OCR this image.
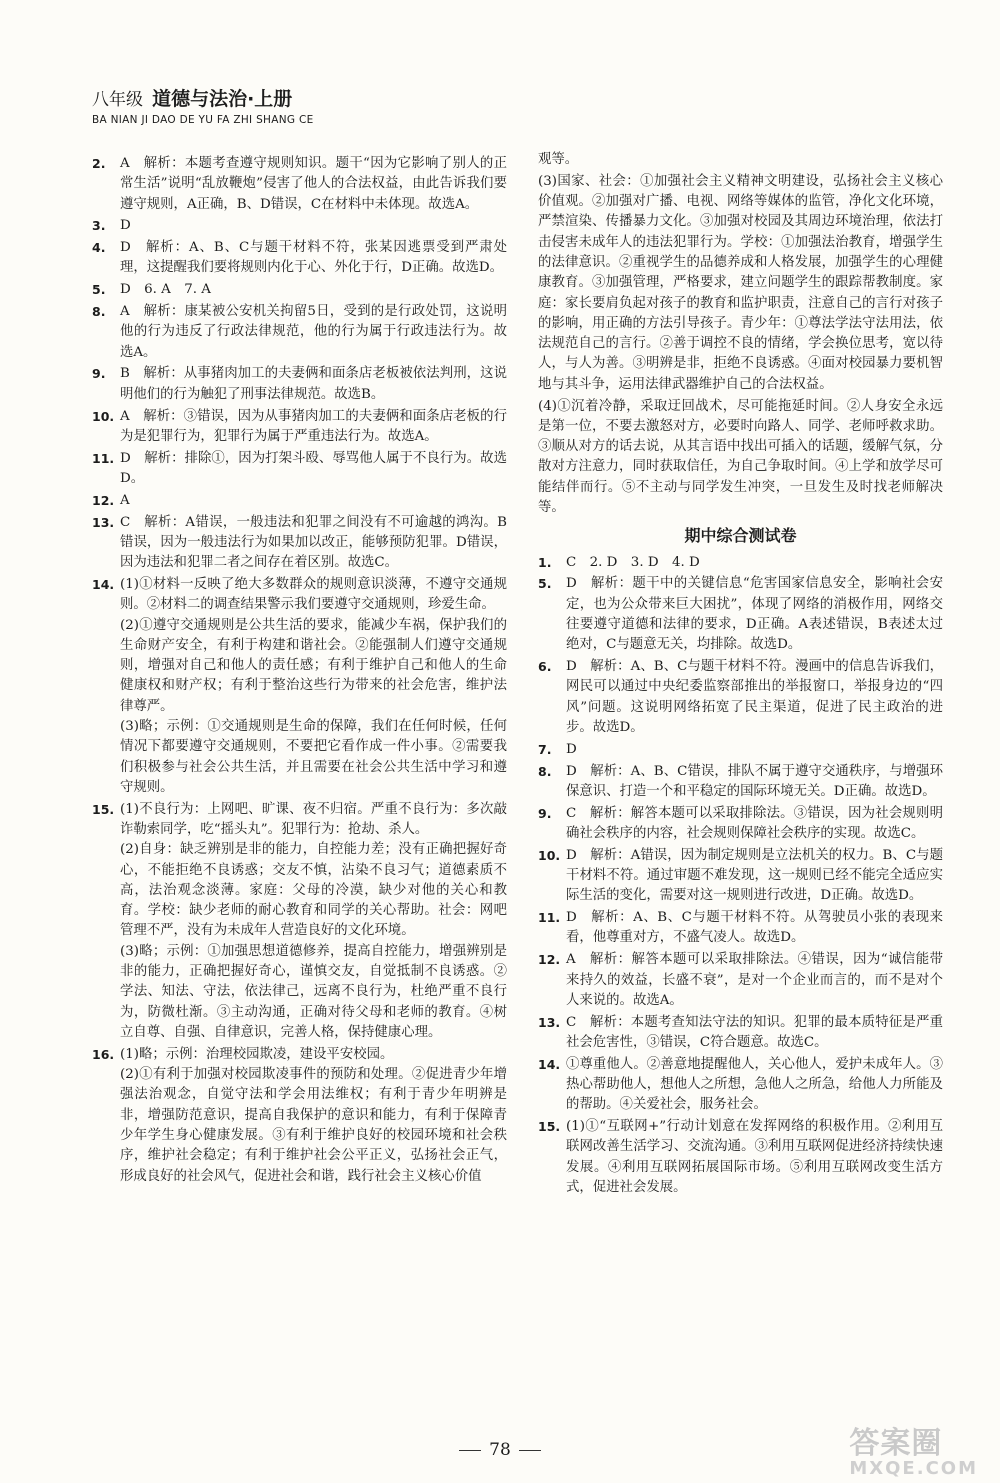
八年级 道德与法治·上册
BA NIAN JI DAO DE YU FA ZHI SHANG CE
2. A　解析：本题考查遵守规则知识。题干“因为它影响了别人的正常生活”说明“乱放鞭炮”侵害了他人的合法权益，由此告诉我们要遵守规则，A正确，B、D错误，C在材料中未体现。故选A。
3. D
4. D　解析：A、B、C与题干材料不符，张某因逃票受到严肃处理，这提醒我们要将规则内化于心、外化于行，D正确。故选D。
5. D　6. A　7. A
8. A　解析：康某被公安机关拘留5日，受到的是行政处罚，这说明他的行为违反了行政法律规范，他的行为属于行政违法行为。故选A。
9. B　解析：从事猪肉加工的夫妻俩和面条店老板被依法判刑，这说明他们的行为触犯了刑事法律规范。故选B。
10. A　解析：③错误，因为从事猪肉加工的夫妻俩和面条店老板的行为是犯罪行为，犯罪行为属于严重违法行为。故选A。
11. D　解析：排除①，因为打架斗殴、辱骂他人属于不良行为。故选D。
12. A
13. C　解析：A错误，一般违法和犯罪之间没有不可逾越的鸿沟。B错误，因为一般违法行为如果加以改正，能够预防犯罪。D错误，因为违法和犯罪二者之间存在着区别。故选C。
14. (1)①材料一反映了绝大多数群众的规则意识淡薄，不遵守交通规则。②材料二的调查结果警示我们要遵守交通规则，珍爱生命。
(2)①遵守交通规则是公共生活的要求，能减少车祸，保护我们的生命财产安全，有利于构建和谐社会。②能强制人们遵守交通规则，增强对自己和他人的责任感；有利于维护自己和他人的生命健康权和财产权；有利于整治这些行为带来的社会危害，维护法律尊严。
(3)略；示例：①交通规则是生命的保障，我们在任何时候，任何情况下都要遵守交通规则，不要把它看作成一件小事。②需要我们积极参与社会公共生活，并且需要在社会公共生活中学习和遵守规则。
15. (1)不良行为：上网吧、旷课、夜不归宿。严重不良行为：多次敲诈勒索同学，吃“摇头丸”。犯罪行为：抢劫、杀人。
(2)自身：缺乏辨别是非的能力，自控能力差；没有正确把握好奇心，不能拒绝不良诱惑；交友不慎，沾染不良习气；道德素质不高，法治观念淡薄。家庭：父母的冷漠，缺少对他的关心和教育。学校：缺少老师的耐心教育和同学的关心帮助。社会：网吧管理不严，没有为未成年人营造良好的文化环境。
(3)略；示例：①加强思想道德修养，提高自控能力，增强辨别是非的能力，正确把握好奇心，谨慎交友，自觉抵制不良诱惑。②学法、知法、守法，依法律己，远离不良行为，杜绝严重不良行为，防微杜渐。③主动沟通，正确对待父母和老师的教育。④树立自尊、自强、自律意识，完善人格，保持健康心理。
16. (1)略；示例：治理校园欺凌，建设平安校园。
(2)①有利于加强对校园欺凌事件的预防和处理。②促进青少年增强法治观念，自觉守法和学会用法维权；有利于青少年明辨是非，增强防范意识，提高自我保护的意识和能力，有利于保障青少年学生身心健康发展。③有利于维护良好的校园环境和社会秩序，维护社会稳定；有利于维护社会公平正义，弘扬社会正气，形成良好的社会风气，促进社会和谐，践行社会主义核心价值
观等。
(3)国家、社会：①加强社会主义精神文明建设，弘扬社会主义核心价值观。②加强对广播、电视、网络等媒体的监管，净化文化环境，严禁渲染、传播暴力文化。③加强对校园及其周边环境治理，依法打击侵害未成年人的违法犯罪行为。学校：①加强法治教育，增强学生的法律意识。②重视学生的品德养成和人格发展，加强学生的心理健康教育。③加强管理，严格要求，建立问题学生的跟踪帮教制度。家庭：家长要肩负起对孩子的教育和监护职责，注意自己的言行对孩子的影响，用正确的方法引导孩子。青少年：①尊法学法守法用法，依法规范自己的言行。②善于调控不良的情绪，学会换位思考，宽以待人，与人为善。③明辨是非，拒绝不良诱惑。④面对校园暴力要机智地与其斗争，运用法律武器维护自己的合法权益。
(4)①沉着冷静，采取迂回战术，尽可能拖延时间。②人身安全永远是第一位，不要去激怒对方，必要时向路人、同学、老师呼救求助。③顺从对方的话去说，从其言语中找出可插入的话题，缓解气氛，分散对方注意力，同时获取信任，为自己争取时间。④上学和放学尽可能结伴而行。⑤不主动与同学发生冲突，一旦发生及时找老师解决等。
期中综合测试卷
1. C　2. D　3. D　4. D
5. D　解析：题干中的关键信息“危害国家信息安全，影响社会安定，也为公众带来巨大困扰”，体现了网络的消极作用，网络交往要遵守道德和法律的要求，D正确。A表述错误，B表述太过绝对，C与题意无关，均排除。故选D。
6. D　解析：A、B、C与题干材料不符。漫画中的信息告诉我们，网民可以通过中央纪委监察部推出的举报窗口，举报身边的“四风”问题。这说明网络拓宽了民主渠道，促进了民主政治的进步。故选D。
7. D
8. D　解析：A、B、C错误，排队不属于遵守交通秩序，与增强环保意识、打造一个和平稳定的国际环境无关。D正确。故选D。
9. C　解析：解答本题可以采取排除法。③错误，因为社会规则明确社会秩序的内容，社会规则保障社会秩序的实现。故选C。
10. D　解析：A错误，因为制定规则是立法机关的权力。B、C与题干材料不符。通过审题不难发现，这一规则已经不能完全适应实际生活的变化，需要对这一规则进行改进，D正确。故选D。
11. D　解析：A、B、C与题干材料不符。从驾驶员小张的表现来看，他尊重对方，不盛气凌人。故选D。
12. A　解析：解答本题可以采取排除法。④错误，因为“诚信能带来持久的效益，长盛不衰”，是对一个企业而言的，而不是对个人来说的。故选A。
13. C　解析：本题考查知法守法的知识。犯罪的最本质特征是严重社会危害性，③错误，C符合题意。故选C。
14. ①尊重他人。②善意地提醒他人，关心他人，爱护未成年人。③热心帮助他人，想他人之所想，急他人之所急，给他人力所能及的帮助。④关爱社会，服务社会。
15. (1)①“互联网+”行动计划意在发挥网络的积极作用。②利用互联网改善生活学习、交流沟通。③利用互联网促进经济持续快速发展。④利用互联网拓展国际市场。⑤利用互联网改变生活方式，促进社会发展。
78	答案圈
MXQE.COM
